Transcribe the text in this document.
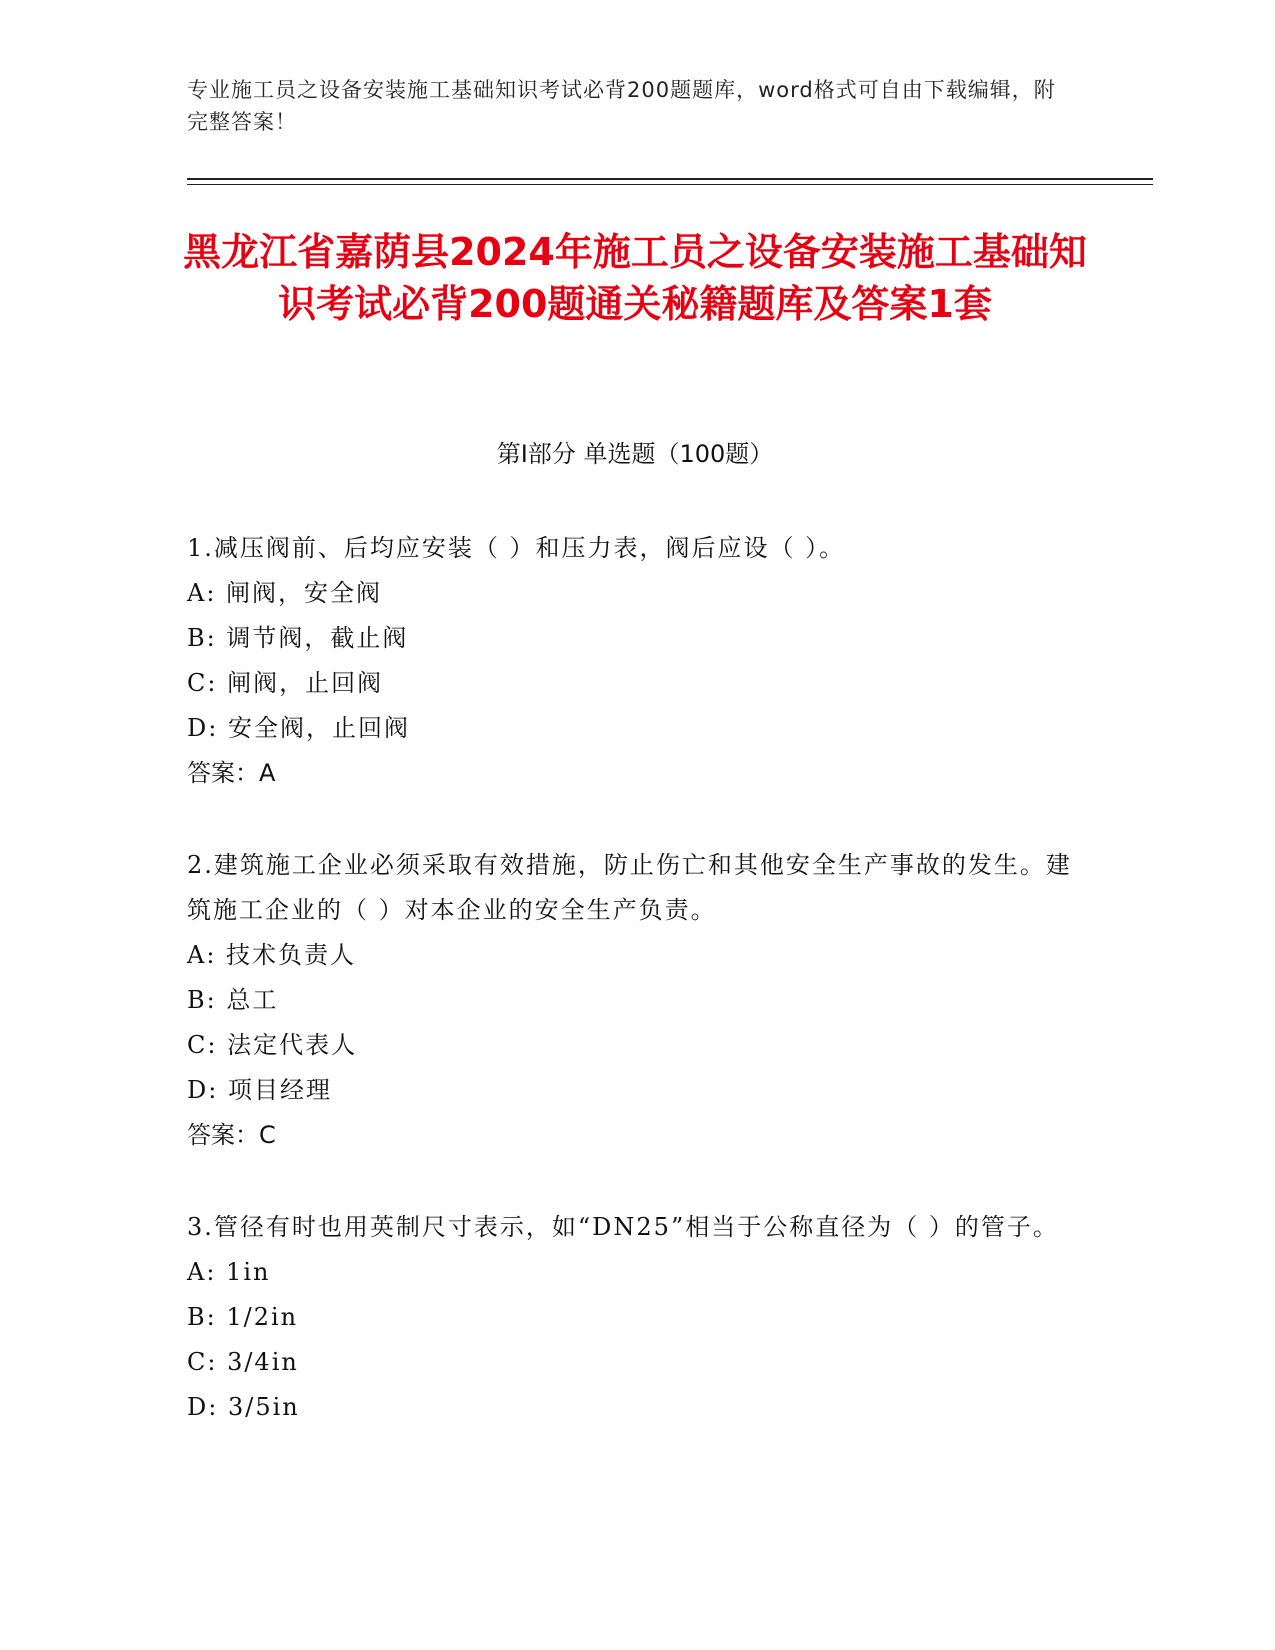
专业施工员之设备安装施工基础知识考试必背200题题库，word格式可自由下载编辑，附完整答案！
黑龙江省嘉荫县2024年施工员之设备安装施工基础知识考试必背200题通关秘籍题库及答案1套
第Ⅰ部分 单选题（100题）
1.减压阀前、后均应安装（ ）和压力表，阀后应设（ ）。
A: 闸阀，安全阀
B: 调节阀，截止阀
C: 闸阀，止回阀
D: 安全阀，止回阀
答案：A
2.建筑施工企业必须采取有效措施，防止伤亡和其他安全生产事故的发生。建筑施工企业的（ ）对本企业的安全生产负责。
A: 技术负责人
B: 总工
C: 法定代表人
D: 项目经理
答案：C
3.管径有时也用英制尺寸表示，如“DN25”相当于公称直径为（ ）的管子。
A: 1in
B: 1/2in
C: 3/4in
D: 3/5in
